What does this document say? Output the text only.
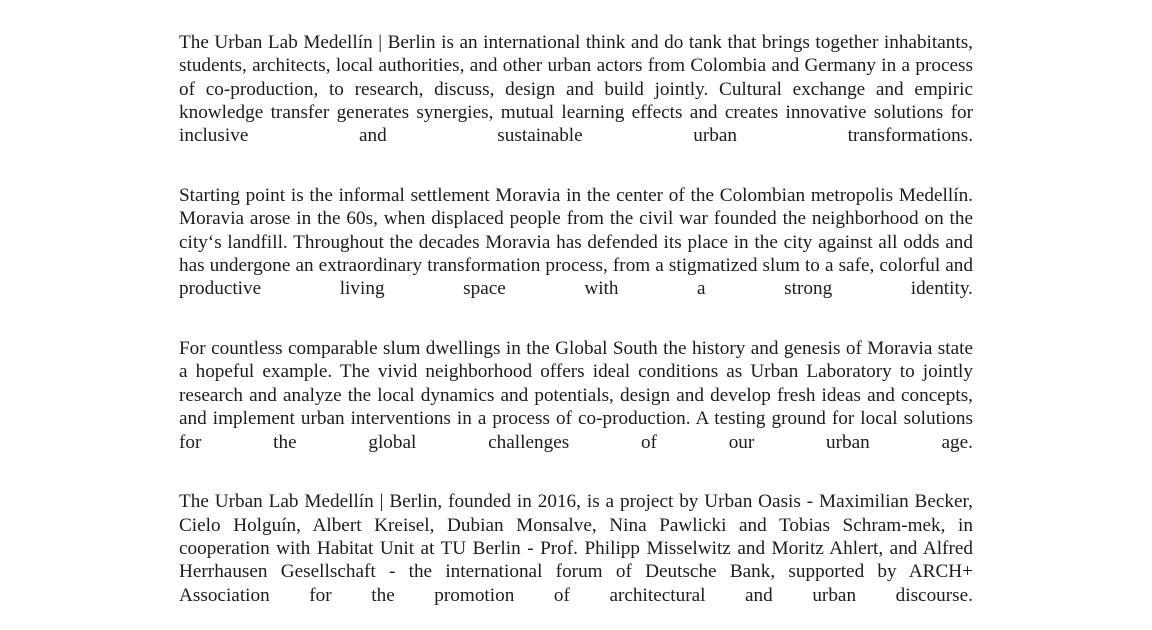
The Urban Lab Medellín | Berlin is an international think and do tank that brings together inhabitants, students, architects, local authorities, and other urban actors from Colombia and Germany in a process of co-production, to research, discuss, design and build jointly. Cultural exchange and empiric knowledge transfer generates synergies, mutual learning effects and creates innovative solutions for inclusive and sustainable urban transformations.

Starting point is the informal settlement Moravia in the center of the Colombian metropolis Medellín. Moravia arose in the 60s, when displaced people from the civil war founded the neighborhood on the city‘s landfill. Throughout the decades Moravia has defended its place in the city against all odds and has undergone an extraordinary transformation process, from a stigmatized slum to a safe, colorful and productive living space with a strong identity.

For countless comparable slum dwellings in the Global South the history and genesis of Moravia state a hopeful example. The vivid neighborhood offers ideal conditions as Urban Laboratory to jointly research and analyze the local dynamics and potentials, design and develop fresh ideas and concepts, and implement urban interventions in a process of co-production. A testing ground for local solutions for the global challenges of our urban age.

The Urban Lab Medellín | Berlin, founded in 2016, is a project by Urban Oasis - Maximilian Becker, Cielo Holguín, Albert Kreisel, Dubian Monsalve, Nina Pawlicki and Tobias Schram-mek, in cooperation with Habitat Unit at TU Berlin - Prof. Philipp Misselwitz and Moritz Ahlert, and Alfred Herrhausen Gesellschaft - the international forum of Deutsche Bank, supported by ARCH+ Association for the promotion of architectural and urban discourse.
